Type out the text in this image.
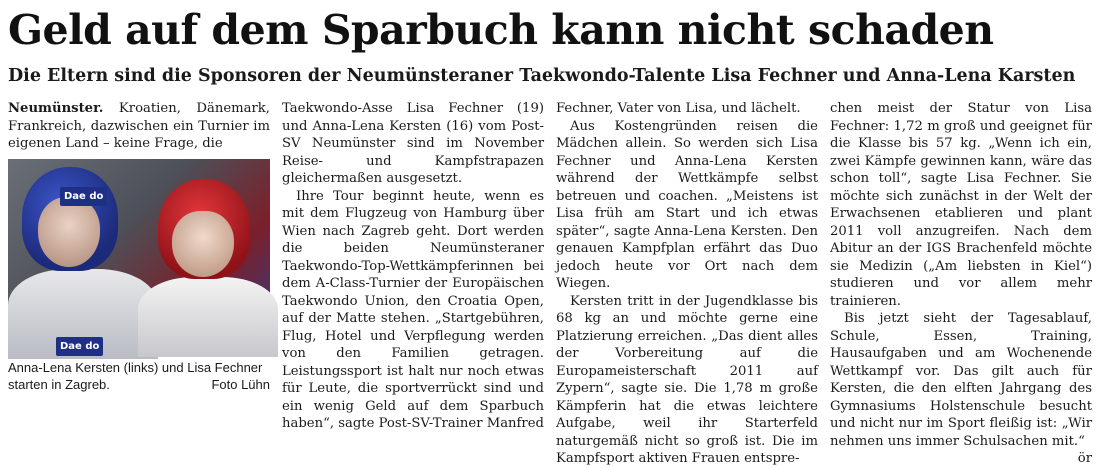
Geld auf dem Sparbuch kann nicht schaden
Die Eltern sind die Sponsoren der Neumünsteraner Taekwondo-Talente Lisa Fechner und Anna-Lena Karsten

Neumünster. Kroatien, Dänemark, Frankreich, dazwischen ein Turnier im eigenen Land – keine Frage, die

Dae do
Dae do
Anna-Lena Kersten (links) und Lisa Fechner starten in Zagreb.	Foto Lühn

Taekwondo-Asse Lisa Fechner (19) und Anna-Lena Kersten (16) vom Post-SV Neumünster sind im November Reise- und Kampfstrapazen gleichermaßen ausgesetzt.

Ihre Tour beginnt heute, wenn es mit dem Flugzeug von Hamburg über Wien nach Zagreb geht. Dort werden die beiden Neumünsteraner Taekwondo-Top-Wettkämpferinnen bei dem A-Class-Turnier der Europäischen Taekwondo Union, den Croatia Open, auf der Matte stehen. „Startgebühren, Flug, Hotel und Verpflegung werden von den Familien getragen. Leistungssport ist halt nur noch etwas für Leute, die sportverrückt sind und ein wenig Geld auf dem Sparbuch haben“, sagte Post-SV-Trainer Manfred

Fechner, Vater von Lisa, und lächelt.

Aus Kostengründen reisen die Mädchen allein. So werden sich Lisa Fechner und Anna-Lena Kersten während der Wettkämpfe selbst betreuen und coachen. „Meistens ist Lisa früh am Start und ich etwas später“, sagte Anna-Lena Kersten. Den genauen Kampfplan erfährt das Duo jedoch heute vor Ort nach dem Wiegen.

Kersten tritt in der Jugendklasse bis 68 kg an und möchte gerne eine Platzierung erreichen. „Das dient alles der Vorbereitung auf die Europameisterschaft 2011 auf Zypern“, sagte sie. Die 1,78 m große Kämpferin hat die etwas leichtere Aufgabe, weil ihr Starterfeld naturgemäß nicht so groß ist. Die im Kampfsport aktiven Frauen entspre-

chen meist der Statur von Lisa Fechner: 1,72 m groß und geeignet für die Klasse bis 57 kg. „Wenn ich ein, zwei Kämpfe gewinnen kann, wäre das schon toll“, sagte Lisa Fechner. Sie möchte sich zunächst in der Welt der Erwachsenen etablieren und plant 2011 voll anzugreifen. Nach dem Abitur an der IGS Brachenfeld möchte sie Medizin („Am liebsten in Kiel“) studieren und vor allem mehr trainieren.

Bis jetzt sieht der Tagesablauf, Schule, Essen, Training, Hausaufgaben und am Wochenende Wettkampf vor. Das gilt auch für Kersten, die den elften Jahrgang des Gymnasiums Holstenschule besucht und nicht nur im Sport fleißig ist: „Wir nehmen uns immer Schulsachen mit.“
ör
